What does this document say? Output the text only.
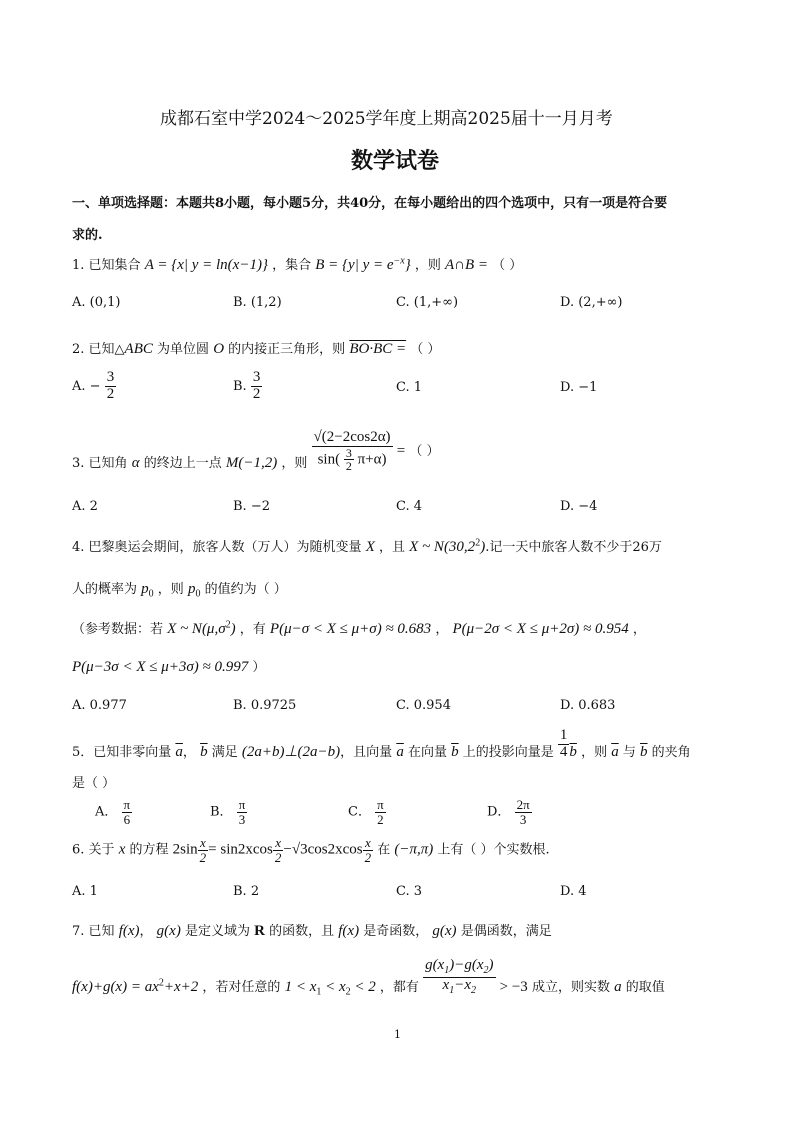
成都石室中学2024～2025学年度上期高2025届十一月月考
数学试卷
一、单项选择题：本题共8小题，每小题5分，共40分，在每小题给出的四个选项中，只有一项是符合要
求的.
1. 已知集合 A = {x| y = ln(x−1)} ，集合 B = {y| $y = e^{-x}$} ，则 A∩B = （ ）
A. (0,1)	B. (1,2)	C. (1,+∞)	D. (2,+∞)
2. 已知△ABC 为单位圆 O 的内接正三角形，则 BO·BC = （ ）
A. − $\frac{3}{2}$	B. $\frac{3}{2}$	C. 1	D. −1
3. 已知角 α 的终边上一点 M(−1,2) ，则 $\frac{√(2-2\cos 2\alpha)}{\sin( \frac{3}{2} \pi+\alpha)}$ = （ ）
A. 2	B. −2	C. 4	D. −4
4. 巴黎奥运会期间，旅客人数（万人）为随机变量 X ，且 X ~ N(30,2$^2$).记一天中旅客人数不少于26万
人的概率为 $p_0$ ，则 $p_0$ 的值约为（ ）
（参考数据：若 X ~ $N(\mu,\sigma^2)$ ，有 P(μ−σ < X ≤ μ+σ) ≈ 0.683 ， P(μ−2σ < X ≤ μ+2σ) ≈ 0.954 ，
P(μ−3σ < X ≤ μ+3σ) ≈ 0.997 ）
A. 0.977	B. 0.9725	C. 0.954	D. 0.683
5．已知非零向量 $\overline{a}$， $\overline{b}$ 满足 (2a+b)⊥(2a−b)，且向量 $\overline{a}$ 在向量 $\overline{b}$ 上的投影向量是 $\frac{1}{4} \overline{b}$ ，则 $\overline{a}$ 与 $\overline{b}$ 的夹角
是（ ）
A． $\frac{\pi}{6}$	B． $\frac{\pi}{3}$	C． $\frac{\pi}{2}$	D． $\frac{2\pi}{3}$
6. 关于 x 的方程 $2\sin \frac{x}{2} = \sin 2xcos \frac{x}{2} -√3\cos 2xcos \frac{x}{2}$ 在 (−π,π) 上有（ ）个实数根.
A. 1	B. 2	C. 3	D. 4
7. 已知 f(x)， g(x) 是定义域为 R 的函数，且 f(x) 是奇函数， g(x) 是偶函数，满足
$f(x)+g(x) = ax^2+x+2$ ，若对任意的 $1 < x_1 < x_2 < 2$ ，都有 $\frac{g(x_1)-g(x_2)}{x_1-x_2} > -3$ 成立，则实数 a 的取值
1
